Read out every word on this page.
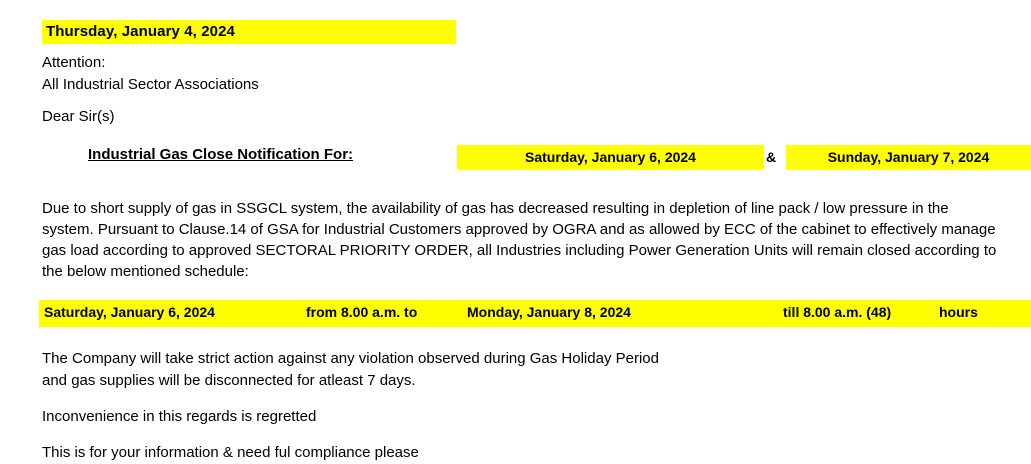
Thursday, January 4, 2024
Attention:
All Industrial Sector Associations
Dear Sir(s)
Industrial Gas Close Notification For:	Saturday, January 6, 2024	&	Sunday, January 7, 2024
Due to short supply of gas in SSGCL system, the availability of gas has decreased resulting in depletion of line pack / low pressure in the system. Pursuant to Clause.14 of GSA for Industrial Customers approved by OGRA and as allowed by ECC of the cabinet to effectively manage gas load according to approved SECTORAL PRIORITY ORDER, all Industries including Power Generation Units will remain closed according to the below mentioned schedule:
Saturday, January 6, 2024	from 8.00 a.m. to	Monday, January 8, 2024	till 8.00 a.m. (48)	hours
The Company will take strict action against any violation observed during Gas Holiday Period
and gas supplies will be disconnected for atleast 7 days.
Inconvenience in this regards is regretted
This is for your information & need ful compliance please
